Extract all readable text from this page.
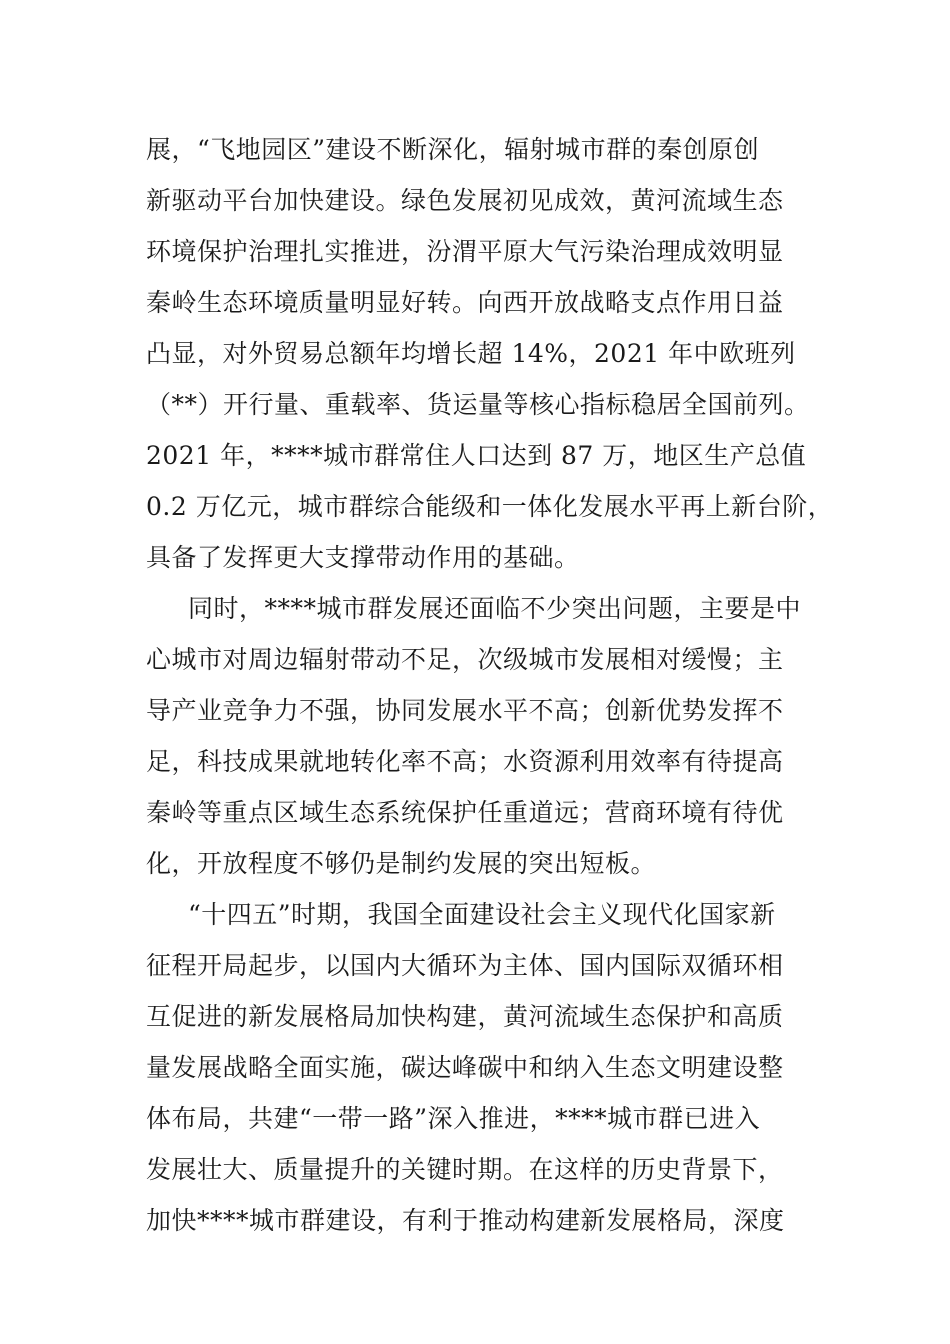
展，“飞地园区”建设不断深化，辐射城市群的秦创原创
新驱动平台加快建设。绿色发展初见成效，黄河流域生态
环境保护治理扎实推进，汾渭平原大气污染治理成效明显
秦岭生态环境质量明显好转。向西开放战略支点作用日益
凸显，对外贸易总额年均增长超 14%，2021 年中欧班列
（**）开行量、重载率、货运量等核心指标稳居全国前列。
2021 年，****城市群常住人口达到 87 万，地区生产总值
0.2 万亿元，城市群综合能级和一体化发展水平再上新台阶，
具备了发挥更大支撑带动作用的基础。
同时，****城市群发展还面临不少突出问题，主要是中
心城市对周边辐射带动不足，次级城市发展相对缓慢；主
导产业竞争力不强，协同发展水平不高；创新优势发挥不
足，科技成果就地转化率不高；水资源利用效率有待提高
秦岭等重点区域生态系统保护任重道远；营商环境有待优
化，开放程度不够仍是制约发展的突出短板。
“十四五”时期，我国全面建设社会主义现代化国家新
征程开局起步，以国内大循环为主体、国内国际双循环相
互促进的新发展格局加快构建，黄河流域生态保护和高质
量发展战略全面实施，碳达峰碳中和纳入生态文明建设整
体布局，共建“一带一路”深入推进，****城市群已进入
发展壮大、质量提升的关键时期。在这样的历史背景下，
加快****城市群建设，有利于推动构建新发展格局，深度
